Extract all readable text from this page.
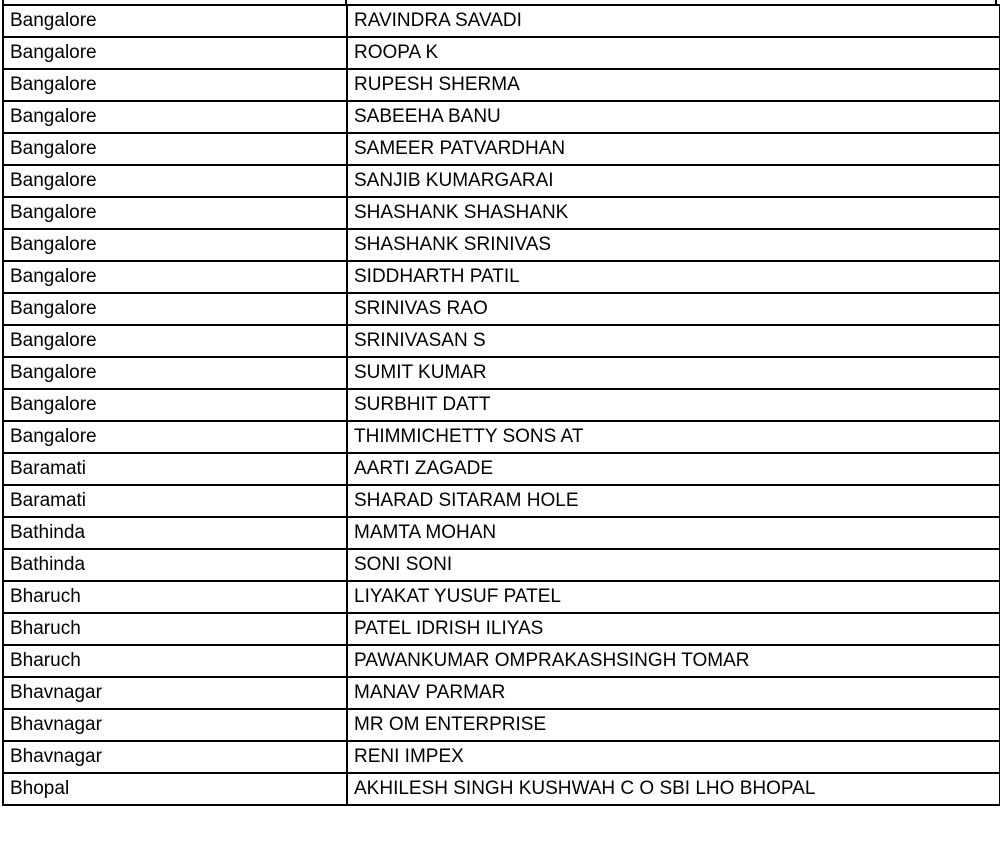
Bangalore	RAVINDRA SAVADI
Bangalore	ROOPA K
Bangalore	RUPESH SHERMA
Bangalore	SABEEHA BANU
Bangalore	SAMEER PATVARDHAN
Bangalore	SANJIB KUMARGARAI
Bangalore	SHASHANK SHASHANK
Bangalore	SHASHANK SRINIVAS
Bangalore	SIDDHARTH PATIL
Bangalore	SRINIVAS RAO
Bangalore	SRINIVASAN S
Bangalore	SUMIT KUMAR
Bangalore	SURBHIT DATT
Bangalore	THIMMICHETTY SONS AT
Baramati	AARTI ZAGADE
Baramati	SHARAD SITARAM HOLE
Bathinda	MAMTA MOHAN
Bathinda	SONI SONI
Bharuch	LIYAKAT YUSUF PATEL
Bharuch	PATEL IDRISH ILIYAS
Bharuch	PAWANKUMAR OMPRAKASHSINGH TOMAR
Bhavnagar	MANAV PARMAR
Bhavnagar	MR OM ENTERPRISE
Bhavnagar	RENI IMPEX
Bhopal	AKHILESH SINGH KUSHWAH C O SBI LHO BHOPAL
